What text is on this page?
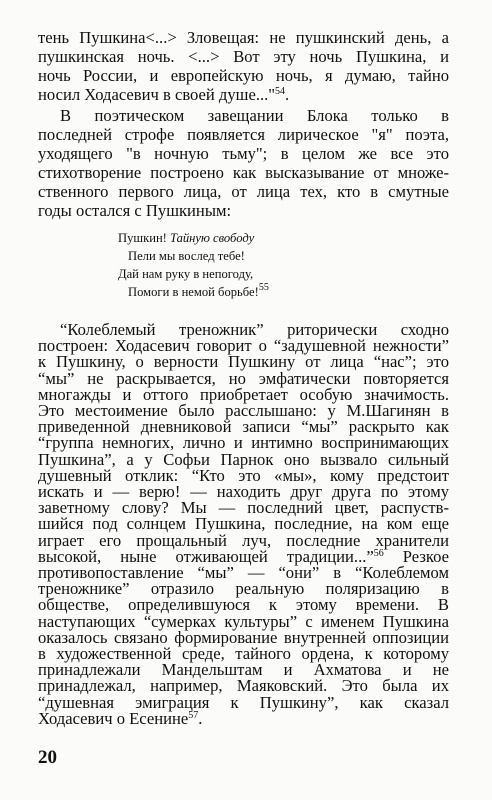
тень Пушкина<...> Зловещая: не пушкинский день, а
пушкинская ночь. <...> Вот эту ночь Пушкина, и
ночь России, и европейскую ночь, я думаю, тайно
носил Ходасевич в своей душе..."$^{54}$.
В поэтическом завещании Блока только в
последней строфе появляется лирическое "я" поэта,
уходящего "в ночную тьму"; в целом же все это
стихотворение построено как высказывание от множе-
ственного первого лица, от лица тех, кто в смутные
годы остался с Пушкиным:
Пушкин! Тайную свободу
Пели мы вослед тебе!
Дай нам руку в непогоду,
Помоги в немой борьбе!$^{55}$
“Колеблемый треножник” риторически сходно
построен: Ходасевич говорит о “задушевной нежности”
к Пушкину, о верности Пушкину от лица “нас”; это
“мы” не раскрывается, но эмфатически повторяется
многажды и оттого приобретает особую значимость.
Это местоимение было расслышано: у М.Шагинян в
приведенной дневниковой записи “мы” раскрыто как
“группа немногих, лично и интимно воспринимающих
Пушкина”, а у Софьи Парнок оно вызвало сильный
душевный отклик: “Кто это «мы», кому предстоит
искать и — верю! — находить друг друга по этому
заветному слову? Мы — последний цвет, распуств-
шийся под солнцем Пушкина, последние, на ком еще
играет его прощальный луч, последние хранители
высокой, ныне отживающей традиции...”$^{56}$ Резкое
противопоставление “мы” — “они” в “Колеблемом
треножнике” отразило реальную поляризацию в
обществе, определившуюся к этому времени. В
наступающих “сумерках культуры” с именем Пушкина
оказалось связано формирование внутренней оппозиции
в художественной среде, тайного ордена, к которому
принадлежали Мандельштам и Ахматова и не
20
принадлежал, например, Маяковский. Это была их
“душевная эмиграция к Пушкину”, как сказал
Ходасевич о Есенине$^{57}$.
